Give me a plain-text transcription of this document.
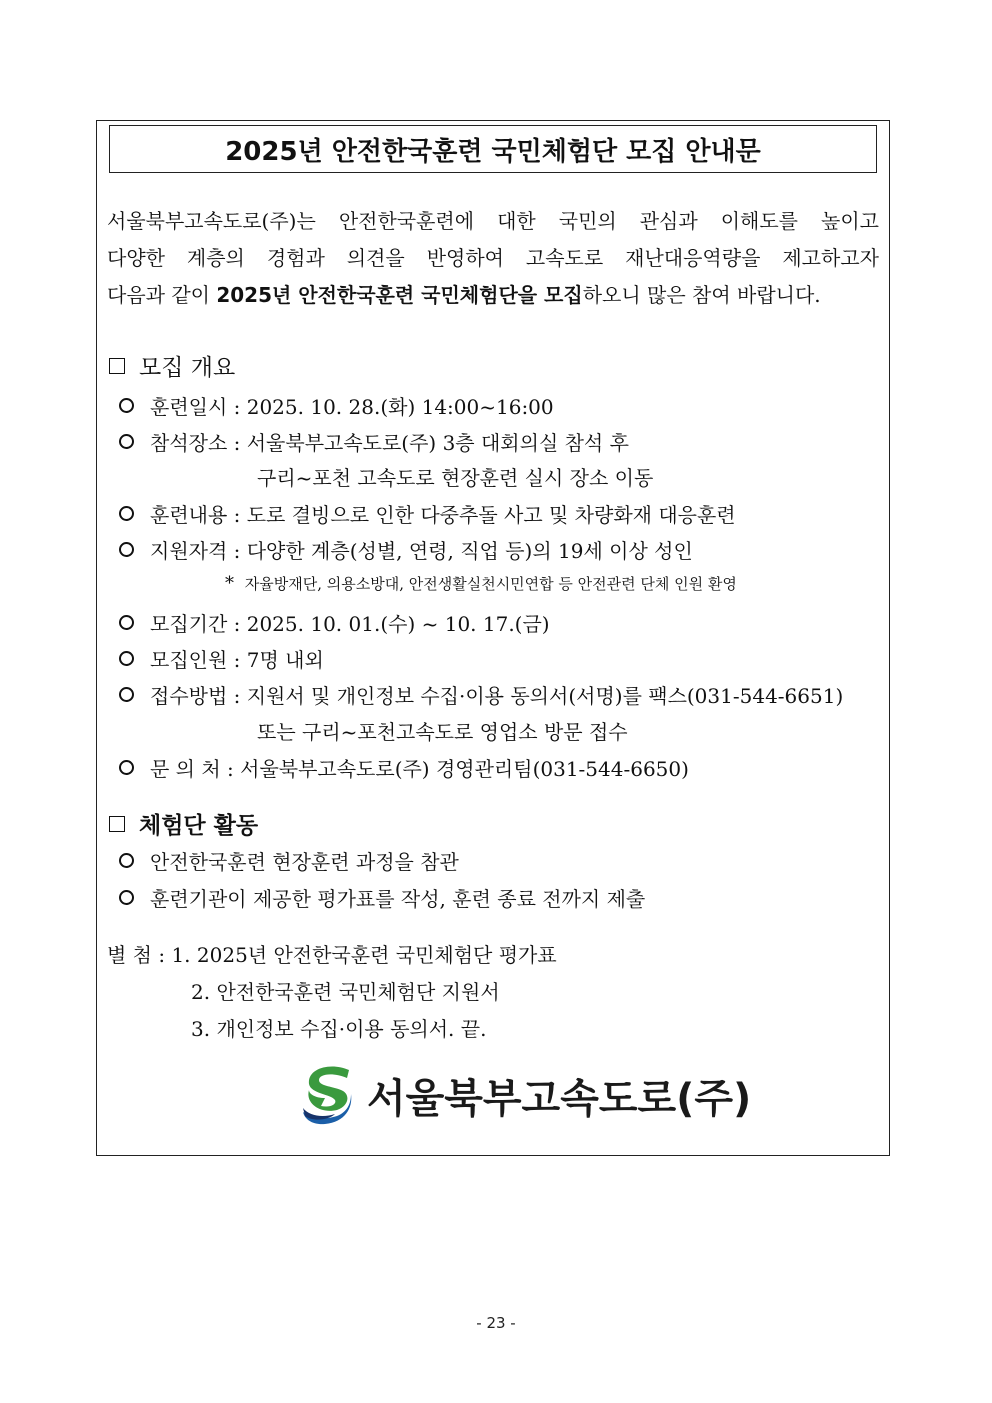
2025년 안전한국훈련 국민체험단 모집 안내문
서울북부고속도로(주)는 안전한국훈련에 대한 국민의 관심과 이해도를 높이고
다양한 계층의 경험과 의견을 반영하여 고속도로 재난대응역량을 제고하고자
다음과 같이 2025년 안전한국훈련 국민체험단을 모집 하오니 많은 참여 바랍니다.
모집 개요
훈련일시 : 2025. 10. 28.(화) 14:00~16:00
참석장소 : 서울북부고속도로(주) 3층 대회의실 참석 후
구리~포천 고속도로 현장훈련 실시 장소 이동
훈련내용 : 도로 결빙으로 인한 다중추돌 사고 및 차량화재 대응훈련
지원자격 : 다양한 계층(성별, 연령, 직업 등)의 19세 이상 성인
* 자율방재단, 의용소방대, 안전생활실천시민연합 등 안전관련 단체 인원 환영
모집기간 : 2025. 10. 01.(수) ~ 10. 17.(금)
모집인원 : 7명 내외
접수방법 : 지원서 및 개인정보 수집·이용 동의서(서명)를 팩스(031-544-6651)
또는 구리~포천고속도로 영업소 방문 접수
문 의 처 : 서울북부고속도로(주) 경영관리팀(031-544-6650)
체험단 활동
안전한국훈련 현장훈련 과정을 참관
훈련기관이 제공한 평가표를 작성, 훈련 종료 전까지 제출
별 첨 : 1. 2025년 안전한국훈련 국민체험단 평가표
2. 안전한국훈련 국민체험단 지원서
3. 개인정보 수집·이용 동의서. 끝.
서울북부고속도로(주)
- 23 -
